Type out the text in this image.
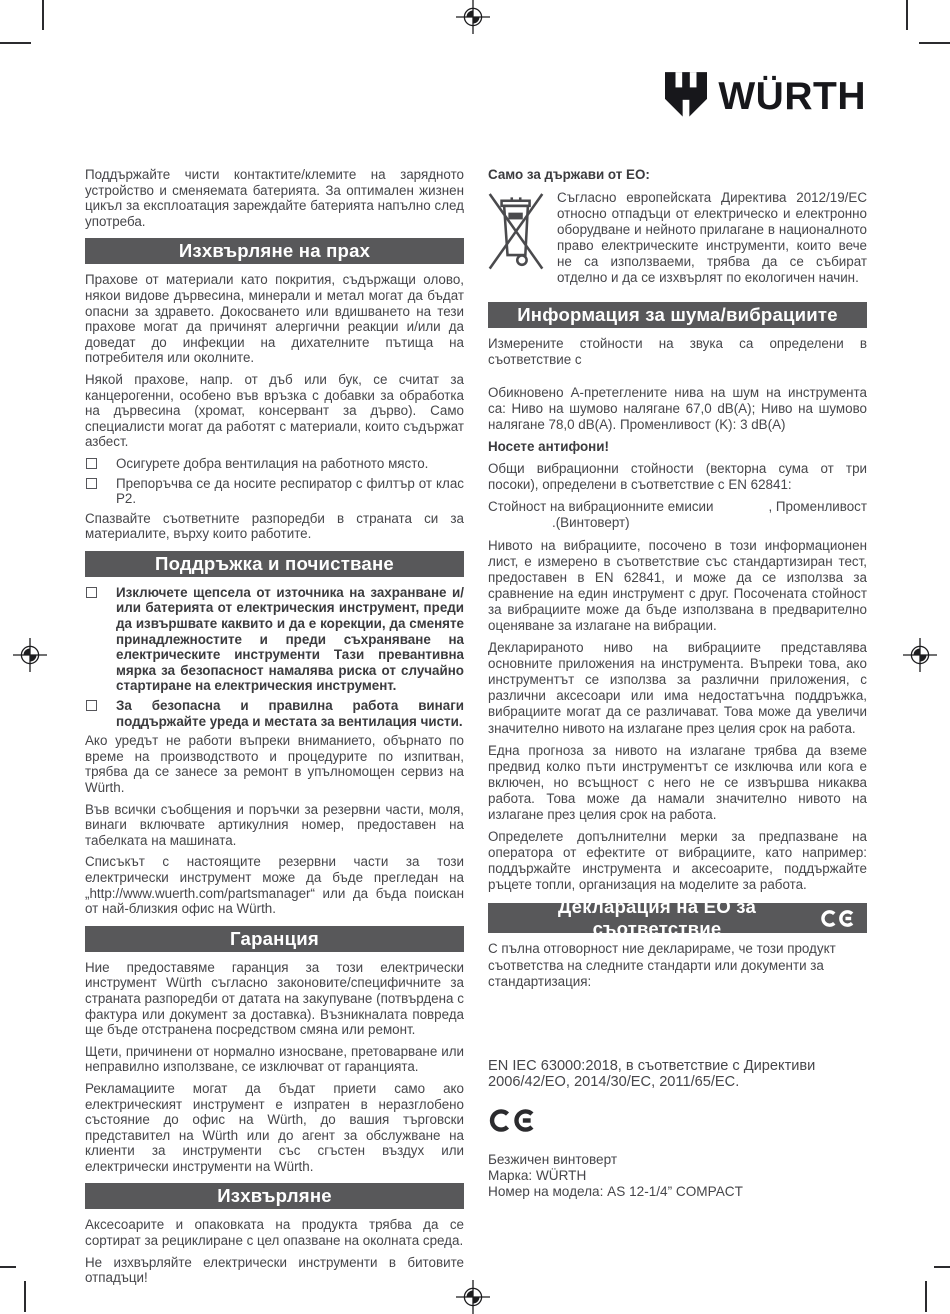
WÜRTH

Поддържайте чисти контактите/клемите на зарядното устройство и сменяемата батерията. За оптимален жизнен цикъл за експлоатация зареждайте батерията напълно след употреба.

Изхвърляне на прах

Прахове от материали като покрития, съдържащи олово, някои видове дървесина, минерали и метал могат да бъдат опасни за здравето. Докосването или вдишването на тези прахове могат да причинят алергични реакции и/или да доведат до инфекции на дихателните пътища на потребителя или околните.

Някой прахове, напр. от дъб или бук, се считат за канцерогенни, особено във връзка с добавки за обработка на дървесина (хромат, консервант за дърво). Само специалисти могат да работят с материали, които съдържат азбест.

Осигурете добра вентилация на работното място.
Препоръчва се да носите респиратор с филтър от клас P2.

Спазвайте съответните разпоредби в страната си за материалите, върху които работите.

Поддръжка и почистване
Изключете щепсела от източника на захранване и/или батерията от електрическия инструмент, преди да извършвате каквито и да е корекции, да сменяте принадлежностите и преди съхраняване на електрическите инструменти Тази превантивна мярка за безопасност намалява риска от случайно стартиране на електрическия инструмент.
За безопасна и правилна работа винаги поддържайте уреда и местата за вентилация чисти.

Ако уредът не работи въпреки вниманието, обърнато по време на производството и процедурите по изпитван, трябва да се занесе за ремонт в упълномощен сервиз на Würth.

Във всички съобщения и поръчки за резервни части, моля, винаги включвате артикулния номер, предоставен на табелката на машината.

Списъкът с настоящите резервни части за този електрически инструмент може да бъде прегледан на „http://www.wuerth.com/partsmanager“ или да бъда поискан от най-близкия офис на Würth.

Гаранция

Ние предоставяме гаранция за този електрически инструмент Würth съгласно законовите/специфичните за страната разпоредби от датата на закупуване (потвърдена с фактура или документ за доставка). Възникналата повреда ще бъде отстранена посредством смяна или ремонт.

Щети, причинени от нормално износване, претоварване или неправилно използване, се изключват от гаранцията.

Рекламациите могат да бъдат приети само ако електрическият инструмент е изпратен в неразглобено състояние до офис на Würth, до вашия търговски представител на Würth или до агент за обслужване на клиенти за инструменти със сгъстен въздух или електрически инструменти на Würth.

Изхвърляне

Аксесоарите и опаковката на продукта трябва да се сортират за рециклиране с цел опазване на околната среда.

Не изхвърляйте електрически инструменти в битовите отпадъци!

Само за държави от ЕО:

Съгласно европейската Директива 2012/19/ЕС относно отпадъци от електрическо и електронно оборудване и нейното прилагане в националното право електрическите инструменти, които вече не са използваеми, трябва да се събират отделно и да се изхвърлят по екологичен начин.

Информация за шума/вибрациите

Измерените стойности на звука са определени в съответствие с

Обикновено А-претеглените нива на шум на инструмента са: Ниво на шумово налягане 67,0 dB(A); Ниво на шумово налягане 78,0 dB(A). Променливост (K): 3 dB(A)

Носете антифони!

Общи вибрационни стойности (векторна сума от три посоки), определени в съответствие с EN 62841:

Стойност на вибрационните емисии	, Променливост
.(Винтоверт)

Нивото на вибрациите, посочено в този информационен лист, е измерено в съответствие със стандартизиран тест, предоставен в EN 62841, и може да се използва за сравнение на един инструмент с друг. Посочената стойност за вибрациите може да бъде използвана в предварително оценяване за излагане на вибрации.

Декларираното ниво на вибрациите представлява основните приложения на инструмента. Въпреки това, ако инструментът се използва за различни приложения, с различни аксесоари или има недостатъчна поддръжка, вибрациите могат да се различават. Това може да увеличи значително нивото на излагане през целия срок на работа.

Една прогноза за нивото на излагане трябва да вземе предвид колко пъти инструментът се изключва или кога е включен, но всъщност с него не се извършва никаква работа. Това може да намали значително нивото на излагане през целия срок на работа.

Определете допълнителни мерки за предпазване на оператора от ефектите от вибрациите, като например: поддържайте инструмента и аксесоарите, поддържайте ръцете топли, организация на моделите за работа.

Декларация на ЕО за съответствие

С пълна отговорност ние декларираме, че този продукт съответства на следните стандарти или документи за стандартизация:

EN IEC 63000:2018, в съответствие с Директиви 2006/42/ЕО, 2014/30/ЕС, 2011/65/ЕС.

Безжичен винтоверт

Марка: WÜRTH

Номер на модела: AS 12-1/4” COMPACT
